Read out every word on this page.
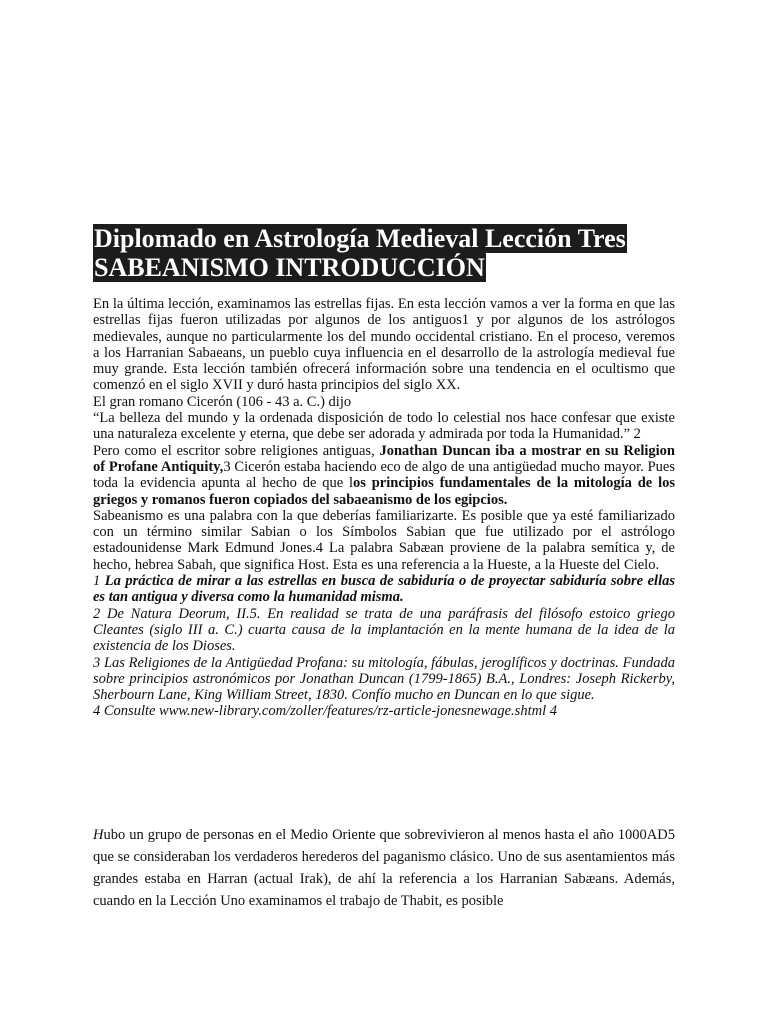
Diplomado en Astrología Medieval Lección Tres
SABEANISMO INTRODUCCIÓN

En la última lección, examinamos las estrellas fijas. En esta lección vamos a ver la forma en que las estrellas fijas fueron utilizadas por algunos de los antiguos1 y por algunos de los astrólogos medievales, aunque no particularmente los del mundo occidental cristiano. En el proceso, veremos a los Harranian Sabaeans, un pueblo cuya influencia en el desarrollo de la astrología medieval fue muy grande. Esta lección también ofrecerá información sobre una tendencia en el ocultismo que comenzó en el siglo XVII y duró hasta principios del siglo XX.

El gran romano Cicerón (106 - 43 a. C.) dijo

“La belleza del mundo y la ordenada disposición de todo lo celestial nos hace confesar que existe una naturaleza excelente y eterna, que debe ser adorada y admirada por toda la Humanidad.” 2

Pero como el escritor sobre religiones antiguas, Jonathan Duncan iba a mostrar en su Religion of Profane Antiquity,3 Cicerón estaba haciendo eco de algo de una antigüedad mucho mayor. Pues toda la evidencia apunta al hecho de que los principios fundamentales de la mitología de los griegos y romanos fueron copiados del sabaeanismo de los egipcios.

Sabeanismo es una palabra con la que deberías familiarizarte. Es posible que ya esté familiarizado con un término similar Sabian o los Símbolos Sabian que fue utilizado por el astrólogo estadounidense Mark Edmund Jones.4 La palabra Sabæan proviene de la palabra semítica y, de hecho, hebrea Sabah, que significa Host. Esta es una referencia a la Hueste, a la Hueste del Cielo.

1 La práctica de mirar a las estrellas en busca de sabiduría o de proyectar sabiduría sobre ellas es tan antigua y diversa como la humanidad misma.

2 De Natura Deorum, II.5. En realidad se trata de una paráfrasis del filósofo estoico griego Cleantes (siglo III a. C.) cuarta causa de la implantación en la mente humana de la idea de la existencia de los Dioses.

3 Las Religiones de la Antigüedad Profana: su mitología, fábulas, jeroglíficos y doctrinas. Fundada sobre principios astronómicos por Jonathan Duncan (1799-1865) B.A., Londres: Joseph Rickerby, Sherbourn Lane, King William Street, 1830. Confío mucho en Duncan en lo que sigue.

4 Consulte www.new-library.com/zoller/features/rz-article-jonesnewage.shtml 4

Hubo un grupo de personas en el Medio Oriente que sobrevivieron al menos hasta el año 1000AD5 que se consideraban los verdaderos herederos del paganismo clásico. Uno de sus asentamientos más grandes estaba en Harran (actual Irak), de ahí la referencia a los Harranian Sabæans. Además, cuando en la Lección Uno examinamos el trabajo de Thabit, es posible
